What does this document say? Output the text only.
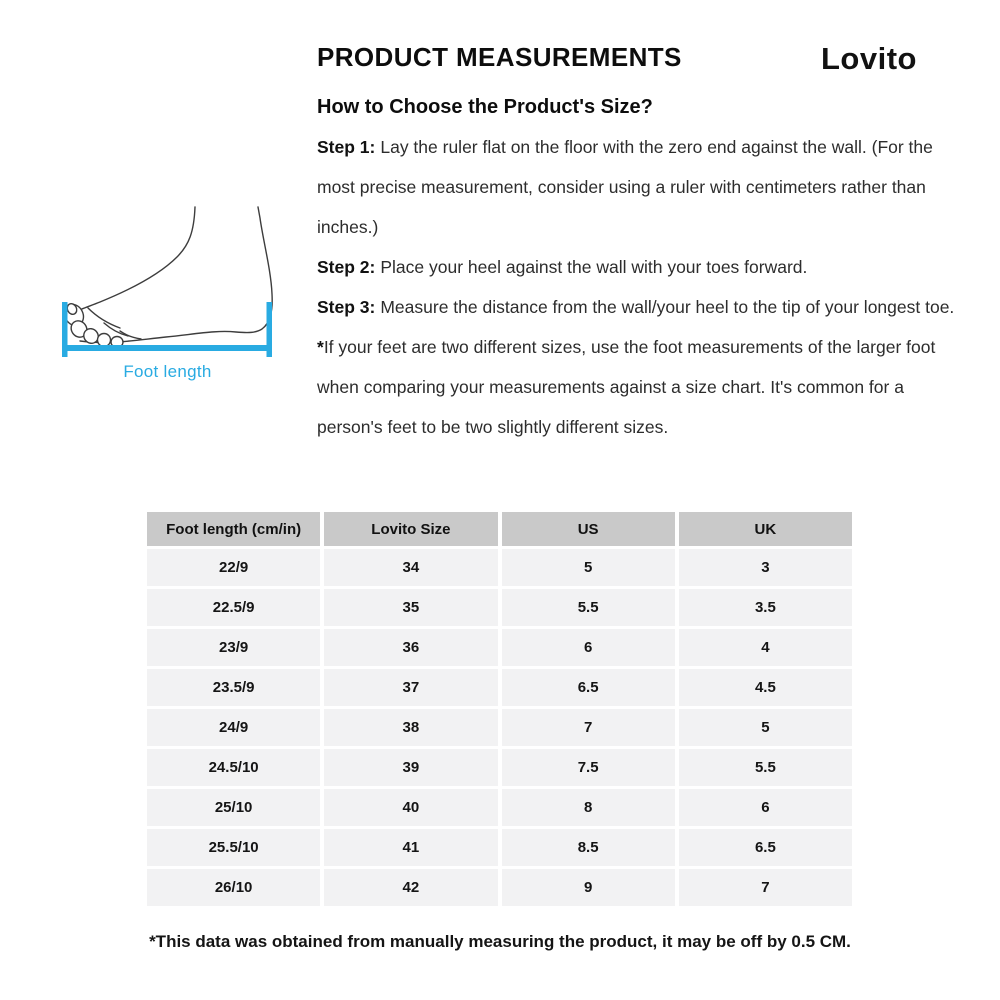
PRODUCT MEASUREMENTS	Lovito
How to Choose the Product's Size?
Foot length

Step 1: Lay the ruler flat on the floor with the zero end against the wall. (For the most precise measurement, consider using a ruler with centimeters rather than inches.)

Step 2: Place your heel against the wall with your toes forward.

Step 3: Measure the distance from the wall/your heel to the tip of your longest toe.

*If your feet are two different sizes, use the foot measurements of the larger foot when comparing your measurements against a size chart. It's common for a person's feet to be two slightly different sizes.

Foot length (cm/in)	Lovito Size	US	UK
22/9	34	5	3
22.5/9	35	5.5	3.5
23/9	36	6	4
23.5/9	37	6.5	4.5
24/9	38	7	5
24.5/10	39	7.5	5.5
25/10	40	8	6
25.5/10	41	8.5	6.5
26/10	42	9	7
*This data was obtained from manually measuring the product, it may be off by 0.5 CM.
